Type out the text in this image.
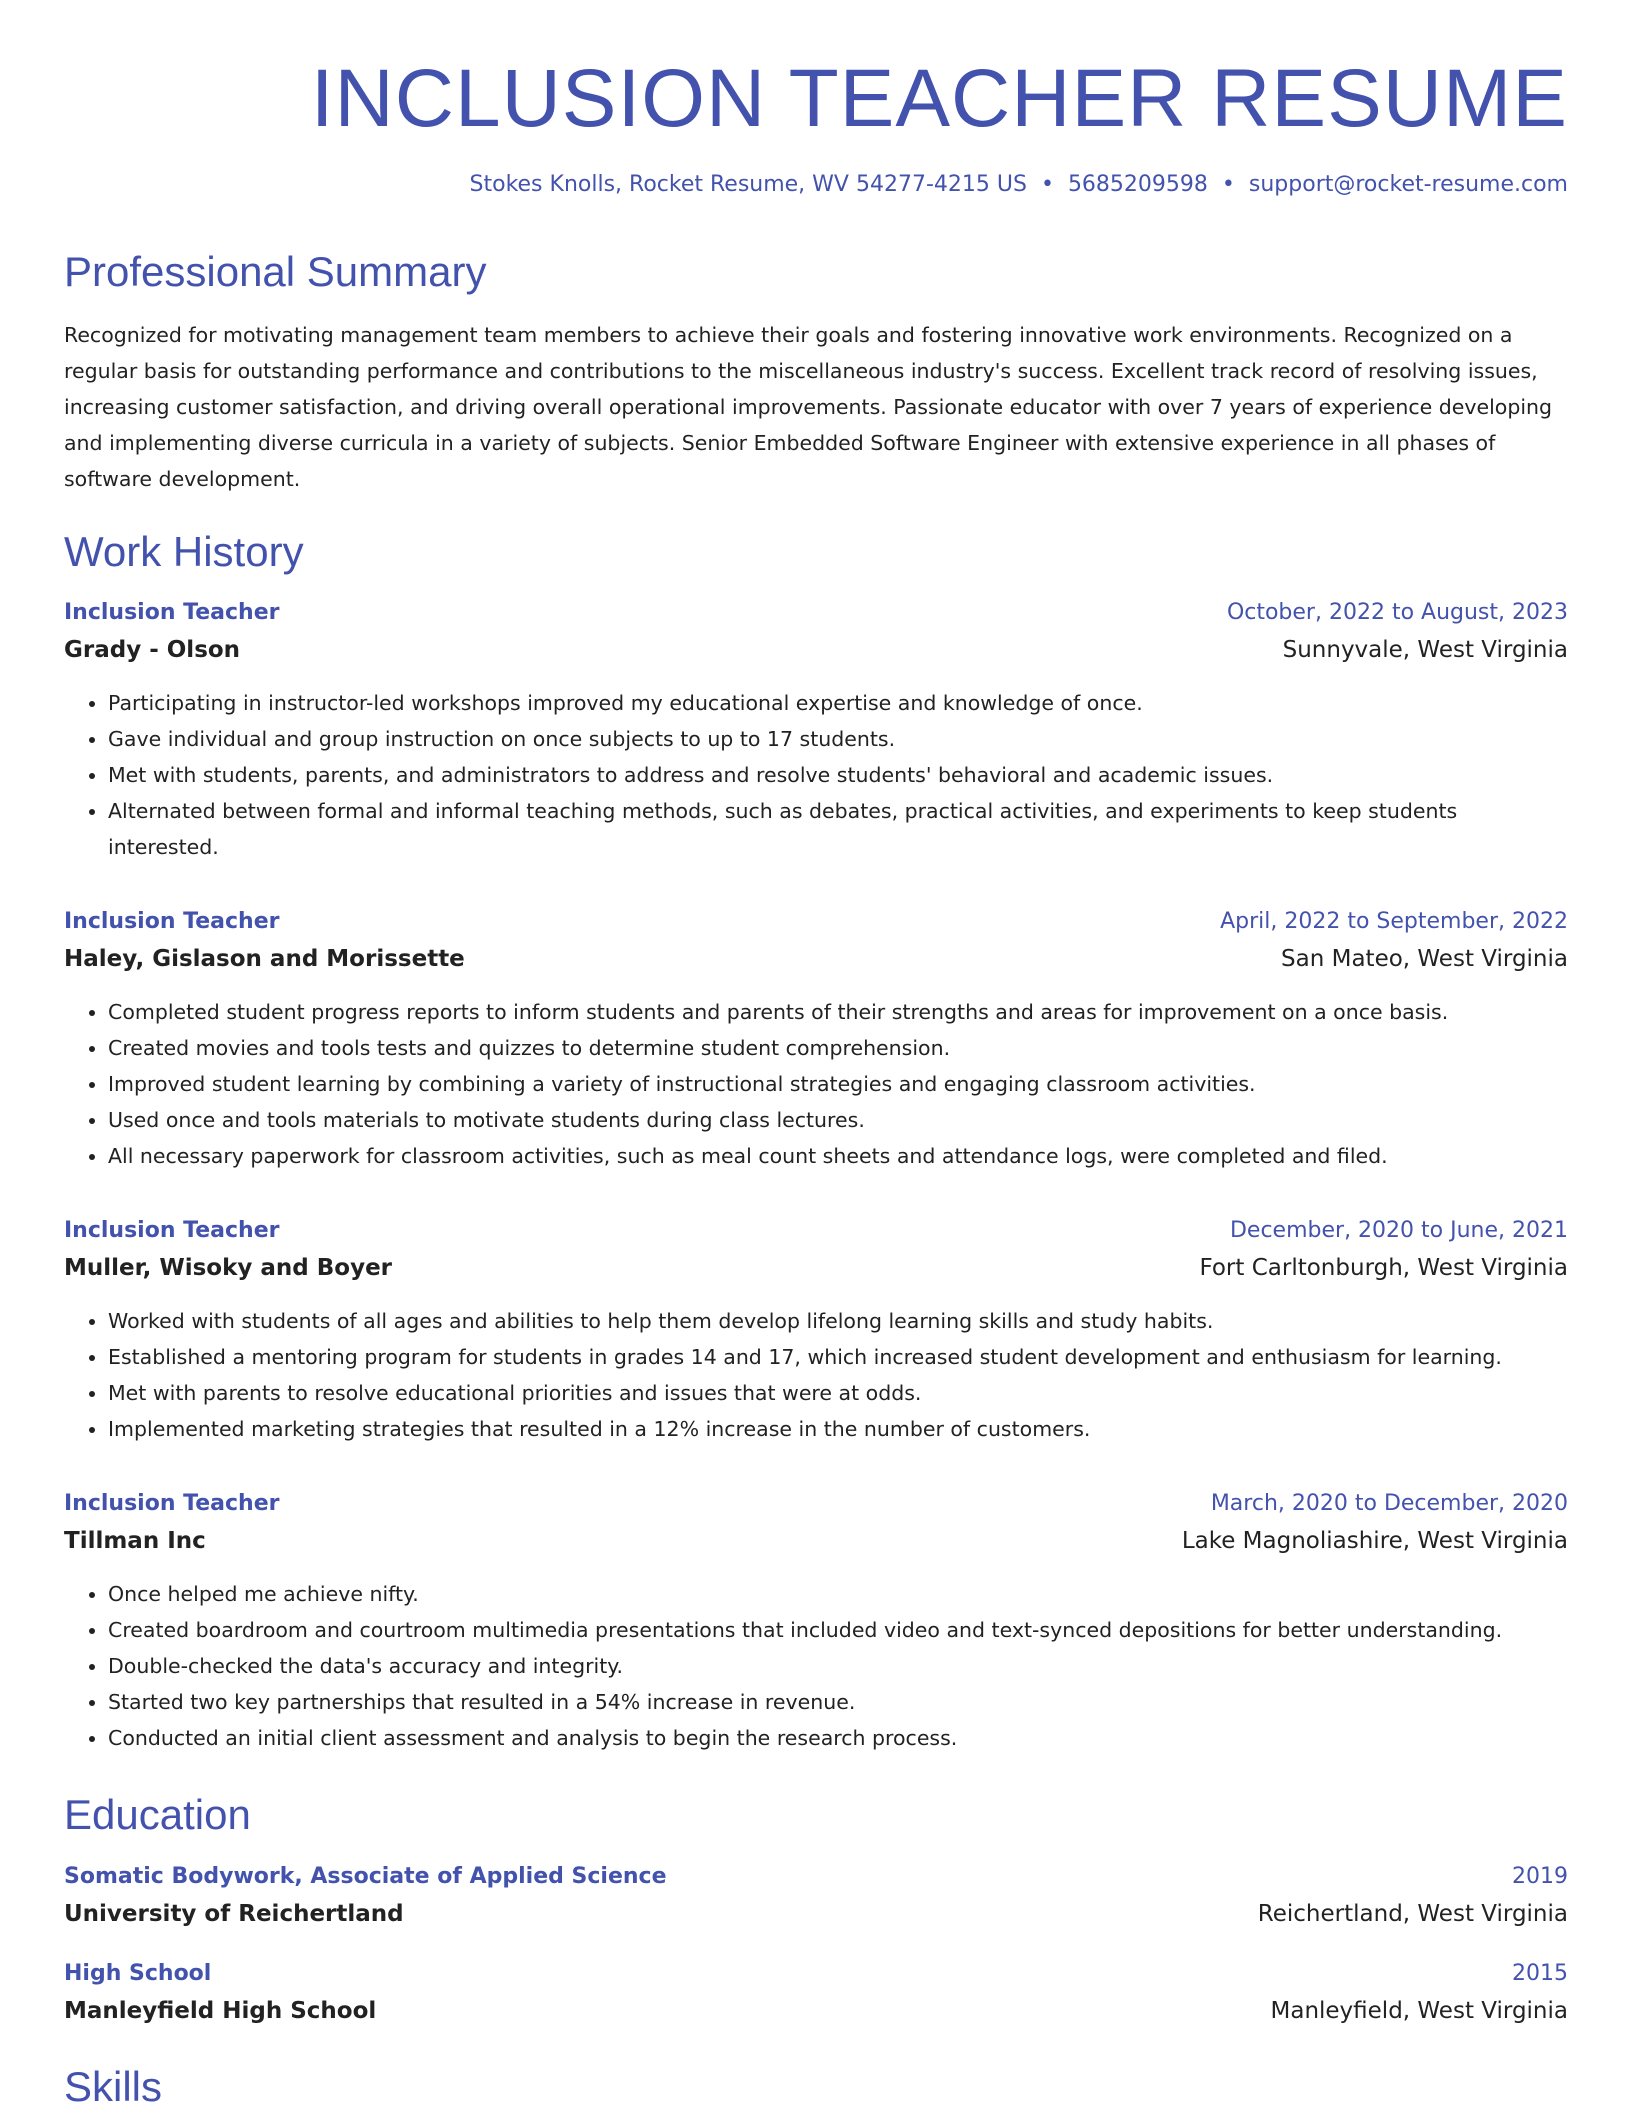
INCLUSION TEACHER RESUME
Stokes Knolls, Rocket Resume, WV 54277-4215 US • 5685209598 • support@rocket-resume.com
Professional Summary
Recognized for motivating management team members to achieve their goals and fostering innovative work environments. Recognized on a regular basis for outstanding performance and contributions to the miscellaneous industry's success. Excellent track record of resolving issues, increasing customer satisfaction, and driving overall operational improvements. Passionate educator with over 7 years of experience developing and implementing diverse curricula in a variety of subjects. Senior Embedded Software Engineer with extensive experience in all phases of software development.
Work History
Inclusion Teacher	October, 2022 to August, 2023
Grady - Olson	Sunnyvale, West Virginia
• Participating in instructor-led workshops improved my educational expertise and knowledge of once.
• Gave individual and group instruction on once subjects to up to 17 students.
• Met with students, parents, and administrators to address and resolve students' behavioral and academic issues.
• Alternated between formal and informal teaching methods, such as debates, practical activities, and experiments to keep students interested.
Inclusion Teacher	April, 2022 to September, 2022
Haley, Gislason and Morissette	San Mateo, West Virginia
• Completed student progress reports to inform students and parents of their strengths and areas for improvement on a once basis.
• Created movies and tools tests and quizzes to determine student comprehension.
• Improved student learning by combining a variety of instructional strategies and engaging classroom activities.
• Used once and tools materials to motivate students during class lectures.
• All necessary paperwork for classroom activities, such as meal count sheets and attendance logs, were completed and filed.
Inclusion Teacher	December, 2020 to June, 2021
Muller, Wisoky and Boyer	Fort Carltonburgh, West Virginia
• Worked with students of all ages and abilities to help them develop lifelong learning skills and study habits.
• Established a mentoring program for students in grades 14 and 17, which increased student development and enthusiasm for learning.
• Met with parents to resolve educational priorities and issues that were at odds.
• Implemented marketing strategies that resulted in a 12% increase in the number of customers.
Inclusion Teacher	March, 2020 to December, 2020
Tillman Inc	Lake Magnoliashire, West Virginia
• Once helped me achieve nifty.
• Created boardroom and courtroom multimedia presentations that included video and text-synced depositions for better understanding.
• Double-checked the data's accuracy and integrity.
• Started two key partnerships that resulted in a 54% increase in revenue.
• Conducted an initial client assessment and analysis to begin the research process.
Education
Somatic Bodywork, Associate of Applied Science	2019
University of Reichertland	Reichertland, West Virginia
High School	2015
Manleyfield High School	Manleyfield, West Virginia
Skills
